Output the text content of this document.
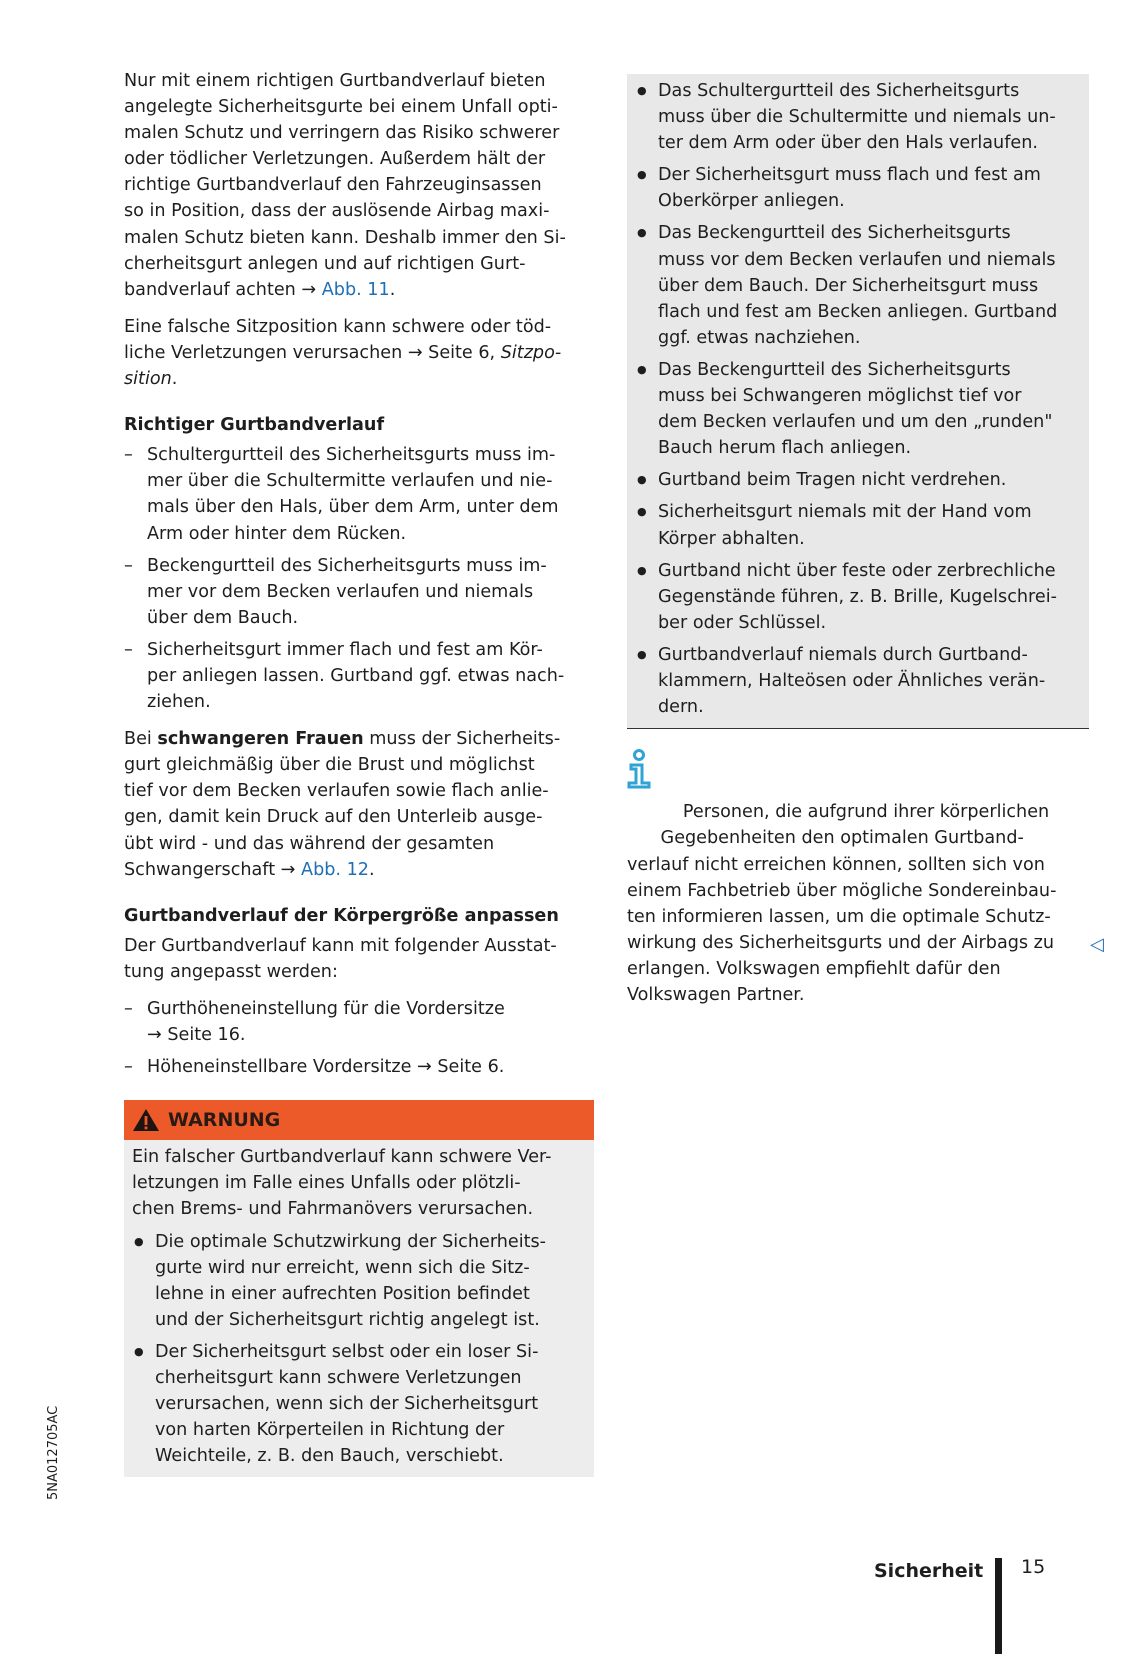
Nur mit einem richtigen Gurtbandverlauf bieten
angelegte Sicherheitsgurte bei einem Unfall opti-
malen Schutz und verringern das Risiko schwerer
oder tödlicher Verletzungen. Außerdem hält der
richtige Gurtbandverlauf den Fahrzeuginsassen
so in Position, dass der auslösende Airbag maxi-
malen Schutz bieten kann. Deshalb immer den Si-
cherheitsgurt anlegen und auf richtigen Gurt-
bandverlauf achten → Abb. 11.

Eine falsche Sitzposition kann schwere oder töd-
liche Verletzungen verursachen → Seite 6, Sitzpo-
sition.

Richtiger Gurtbandverlauf
– Schultergurtteil des Sicherheitsgurts muss im-
mer über die Schultermitte verlaufen und nie-
mals über den Hals, über dem Arm, unter dem
Arm oder hinter dem Rücken.
– Beckengurtteil des Sicherheitsgurts muss im-
mer vor dem Becken verlaufen und niemals
über dem Bauch.
– Sicherheitsgurt immer flach und fest am Kör-
per anliegen lassen. Gurtband ggf. etwas nach-
ziehen.

Bei schwangeren Frauen muss der Sicherheits-
gurt gleichmäßig über die Brust und möglichst
tief vor dem Becken verlaufen sowie flach anlie-
gen, damit kein Druck auf den Unterleib ausge-
übt wird - und das während der gesamten
Schwangerschaft → Abb. 12.

Gurtbandverlauf der Körpergröße anpassen

Der Gurtbandverlauf kann mit folgender Ausstat-
tung angepasst werden:

– Gurthöheneinstellung für die Vordersitze
→ Seite 16.
– Höheneinstellbare Vordersitze → Seite 6.
WARNUNG

Ein falscher Gurtbandverlauf kann schwere Ver-
letzungen im Falle eines Unfalls oder plötzli-
chen Brems- und Fahrmanövers verursachen.

● Die optimale Schutzwirkung der Sicherheits-
gurte wird nur erreicht, wenn sich die Sitz-
lehne in einer aufrechten Position befindet
und der Sicherheitsgurt richtig angelegt ist.
● Der Sicherheitsgurt selbst oder ein loser Si-
cherheitsgurt kann schwere Verletzungen
verursachen, wenn sich der Sicherheitsgurt
von harten Körperteilen in Richtung der
Weichteile, z. B. den Bauch, verschiebt.
● Das Schultergurtteil des Sicherheitsgurts
muss über die Schultermitte und niemals un-
ter dem Arm oder über den Hals verlaufen.
● Der Sicherheitsgurt muss flach und fest am
Oberkörper anliegen.
● Das Beckengurtteil des Sicherheitsgurts
muss vor dem Becken verlaufen und niemals
über dem Bauch. Der Sicherheitsgurt muss
flach und fest am Becken anliegen. Gurtband
ggf. etwas nachziehen.
● Das Beckengurtteil des Sicherheitsgurts
muss bei Schwangeren möglichst tief vor
dem Becken verlaufen und um den „runden"
Bauch herum flach anliegen.
● Gurtband beim Tragen nicht verdrehen.
● Sicherheitsgurt niemals mit der Hand vom
Körper abhalten.
● Gurtband nicht über feste oder zerbrechliche
Gegenstände führen, z. B. Brille, Kugelschrei-
ber oder Schlüssel.
● Gurtbandverlauf niemals durch Gurtband-
klammern, Halteösen oder Ähnliches verän-
dern.

Personen, die aufgrund ihrer körperlichen
Gegebenheiten den optimalen Gurtband-
verlauf nicht erreichen können, sollten sich von
einem Fachbetrieb über mögliche Sondereinbau-
ten informieren lassen, um die optimale Schutz-
wirkung des Sicherheitsgurts und der Airbags zu
erlangen. Volkswagen empfiehlt dafür den
Volkswagen Partner.

◁
5NA012705AC
Sicherheit 15
